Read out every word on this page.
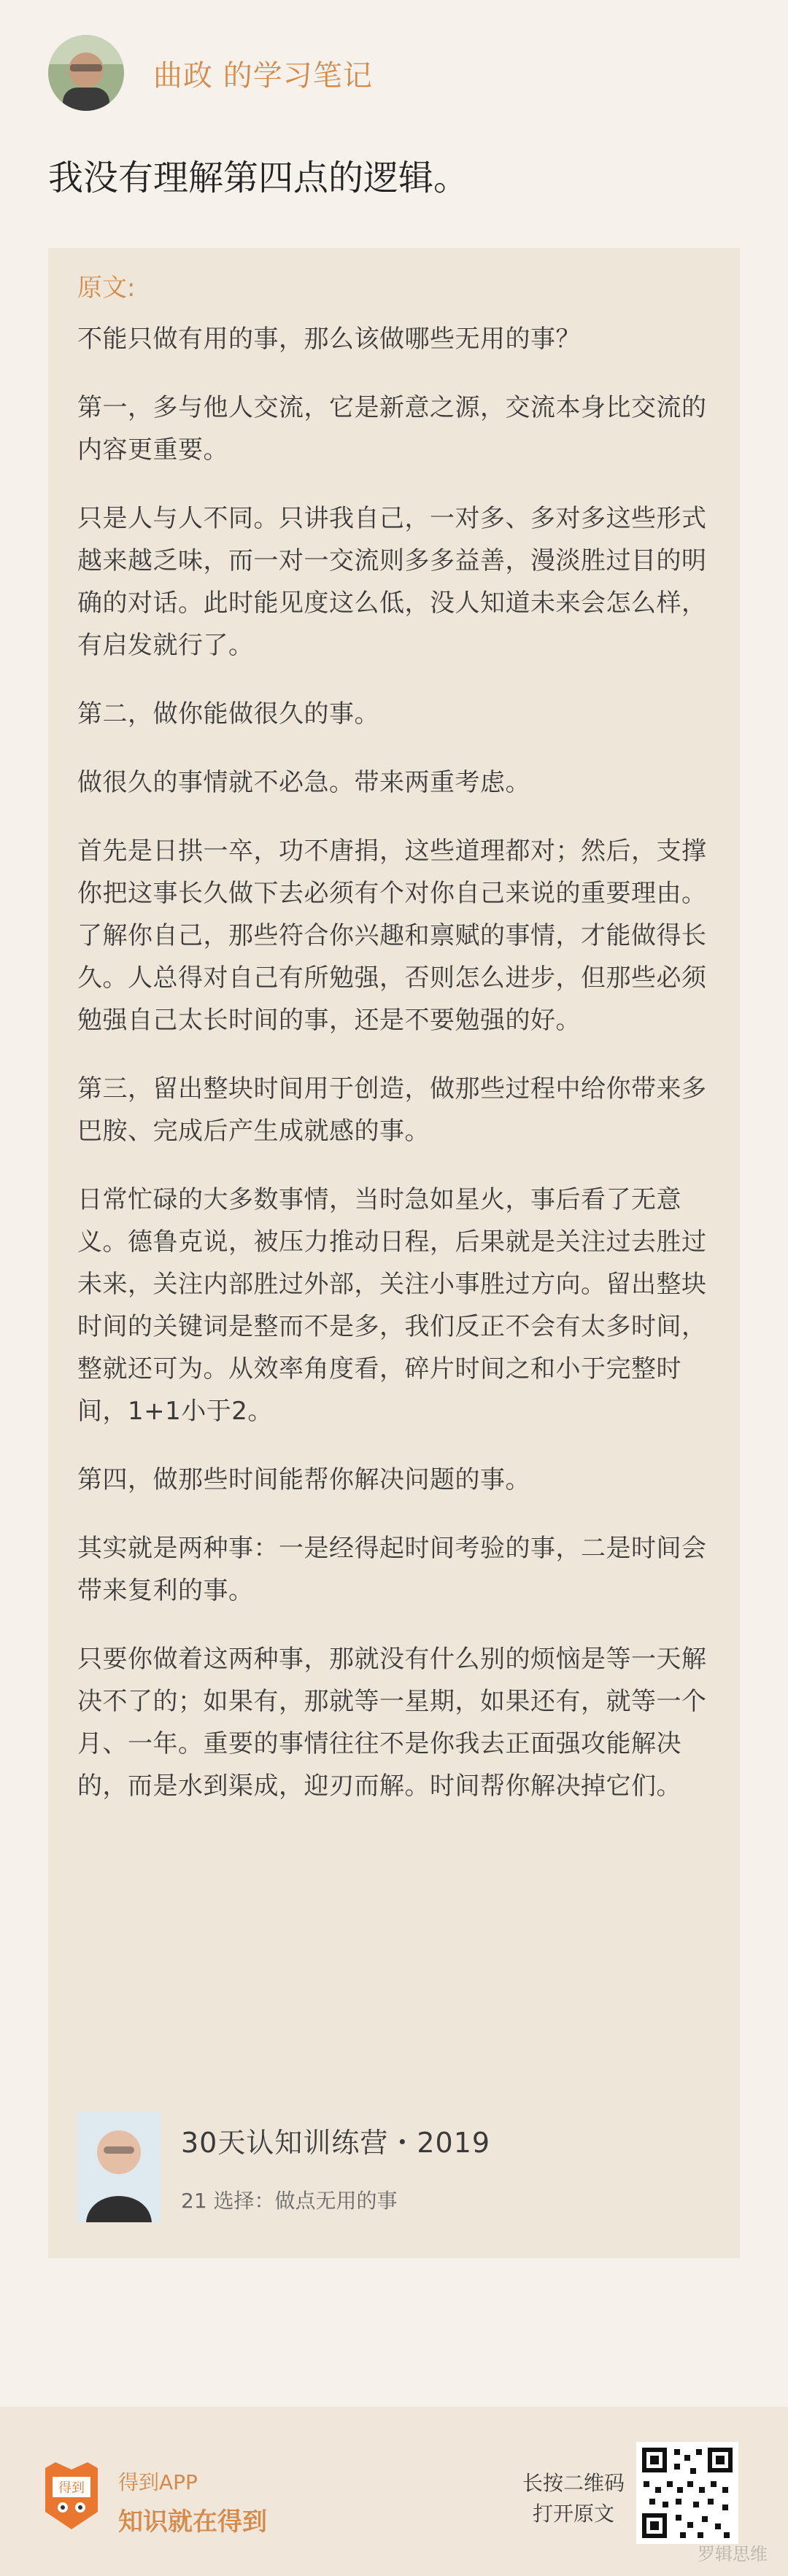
曲政 的学习笔记
我没有理解第四点的逻辑。
原文:

不能只做有用的事，那么该做哪些无用的事？

第一，多与他人交流，它是新意之源，交流本身比交流的内容更重要。

只是人与人不同。只讲我自己，一对多、多对多这些形式越来越乏味，而一对一交流则多多益善，漫淡胜过目的明确的对话。此时能见度这么低，没人知道未来会怎么样，有启发就行了。

第二，做你能做很久的事。

做很久的事情就不必急。带来两重考虑。

首先是日拱一卒，功不唐捐，这些道理都对；然后，支撑你把这事长久做下去必须有个对你自己来说的重要理由。了解你自己，那些符合你兴趣和禀赋的事情，才能做得长久。人总得对自己有所勉强，否则怎么进步，但那些必须勉强自己太长时间的事，还是不要勉强的好。

第三，留出整块时间用于创造，做那些过程中给你带来多巴胺、完成后产生成就感的事。

日常忙碌的大多数事情，当时急如星火，事后看了无意义。德鲁克说，被压力推动日程，后果就是关注过去胜过未来，关注内部胜过外部，关注小事胜过方向。留出整块时间的关键词是整而不是多，我们反正不会有太多时间，整就还可为。从效率角度看，碎片时间之和小于完整时间，1+1小于2。

第四，做那些时间能帮你解决问题的事。

其实就是两种事：一是经得起时间考验的事，二是时间会带来复利的事。

只要你做着这两种事，那就没有什么别的烦恼是等一天解决不了的；如果有，那就等一星期，如果还有，就等一个月、一年。重要的事情往往不是你我去正面强攻能解决的，而是水到渠成，迎刃而解。时间帮你解决掉它们。

30天认知训练营・2019
21 选择：做点无用的事
得到 得到APP
知识就在得到
长按二维码
打开原文
罗辑思维
